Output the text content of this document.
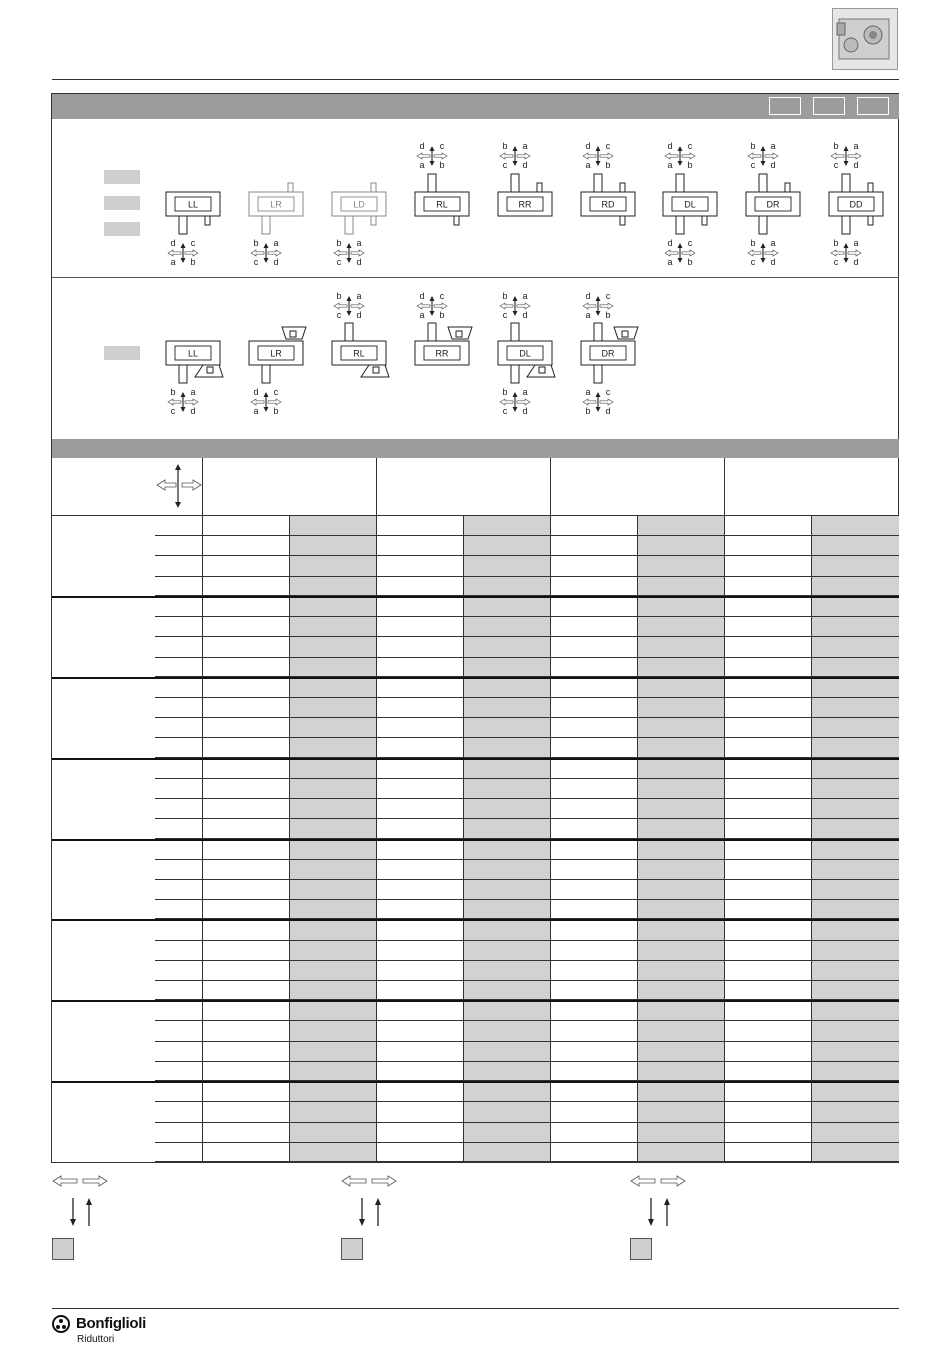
LL
d c
a b
LR
b a
c d
LD
b a
c d
RL
d c
a b
RR
b a
c d
RD
d c
a b
DL
d c
a b
d c
a b
DR
b a
c d
b a
c d
DD
b a
c d
b a
c d
LL
b a
c d
LR
d c
a b
RL
b a
c d
RR
d c
a b
DL
b a
c d
b a
c d
DR
d c
a b
a c
b d
Bonfiglioli
Riduttori
